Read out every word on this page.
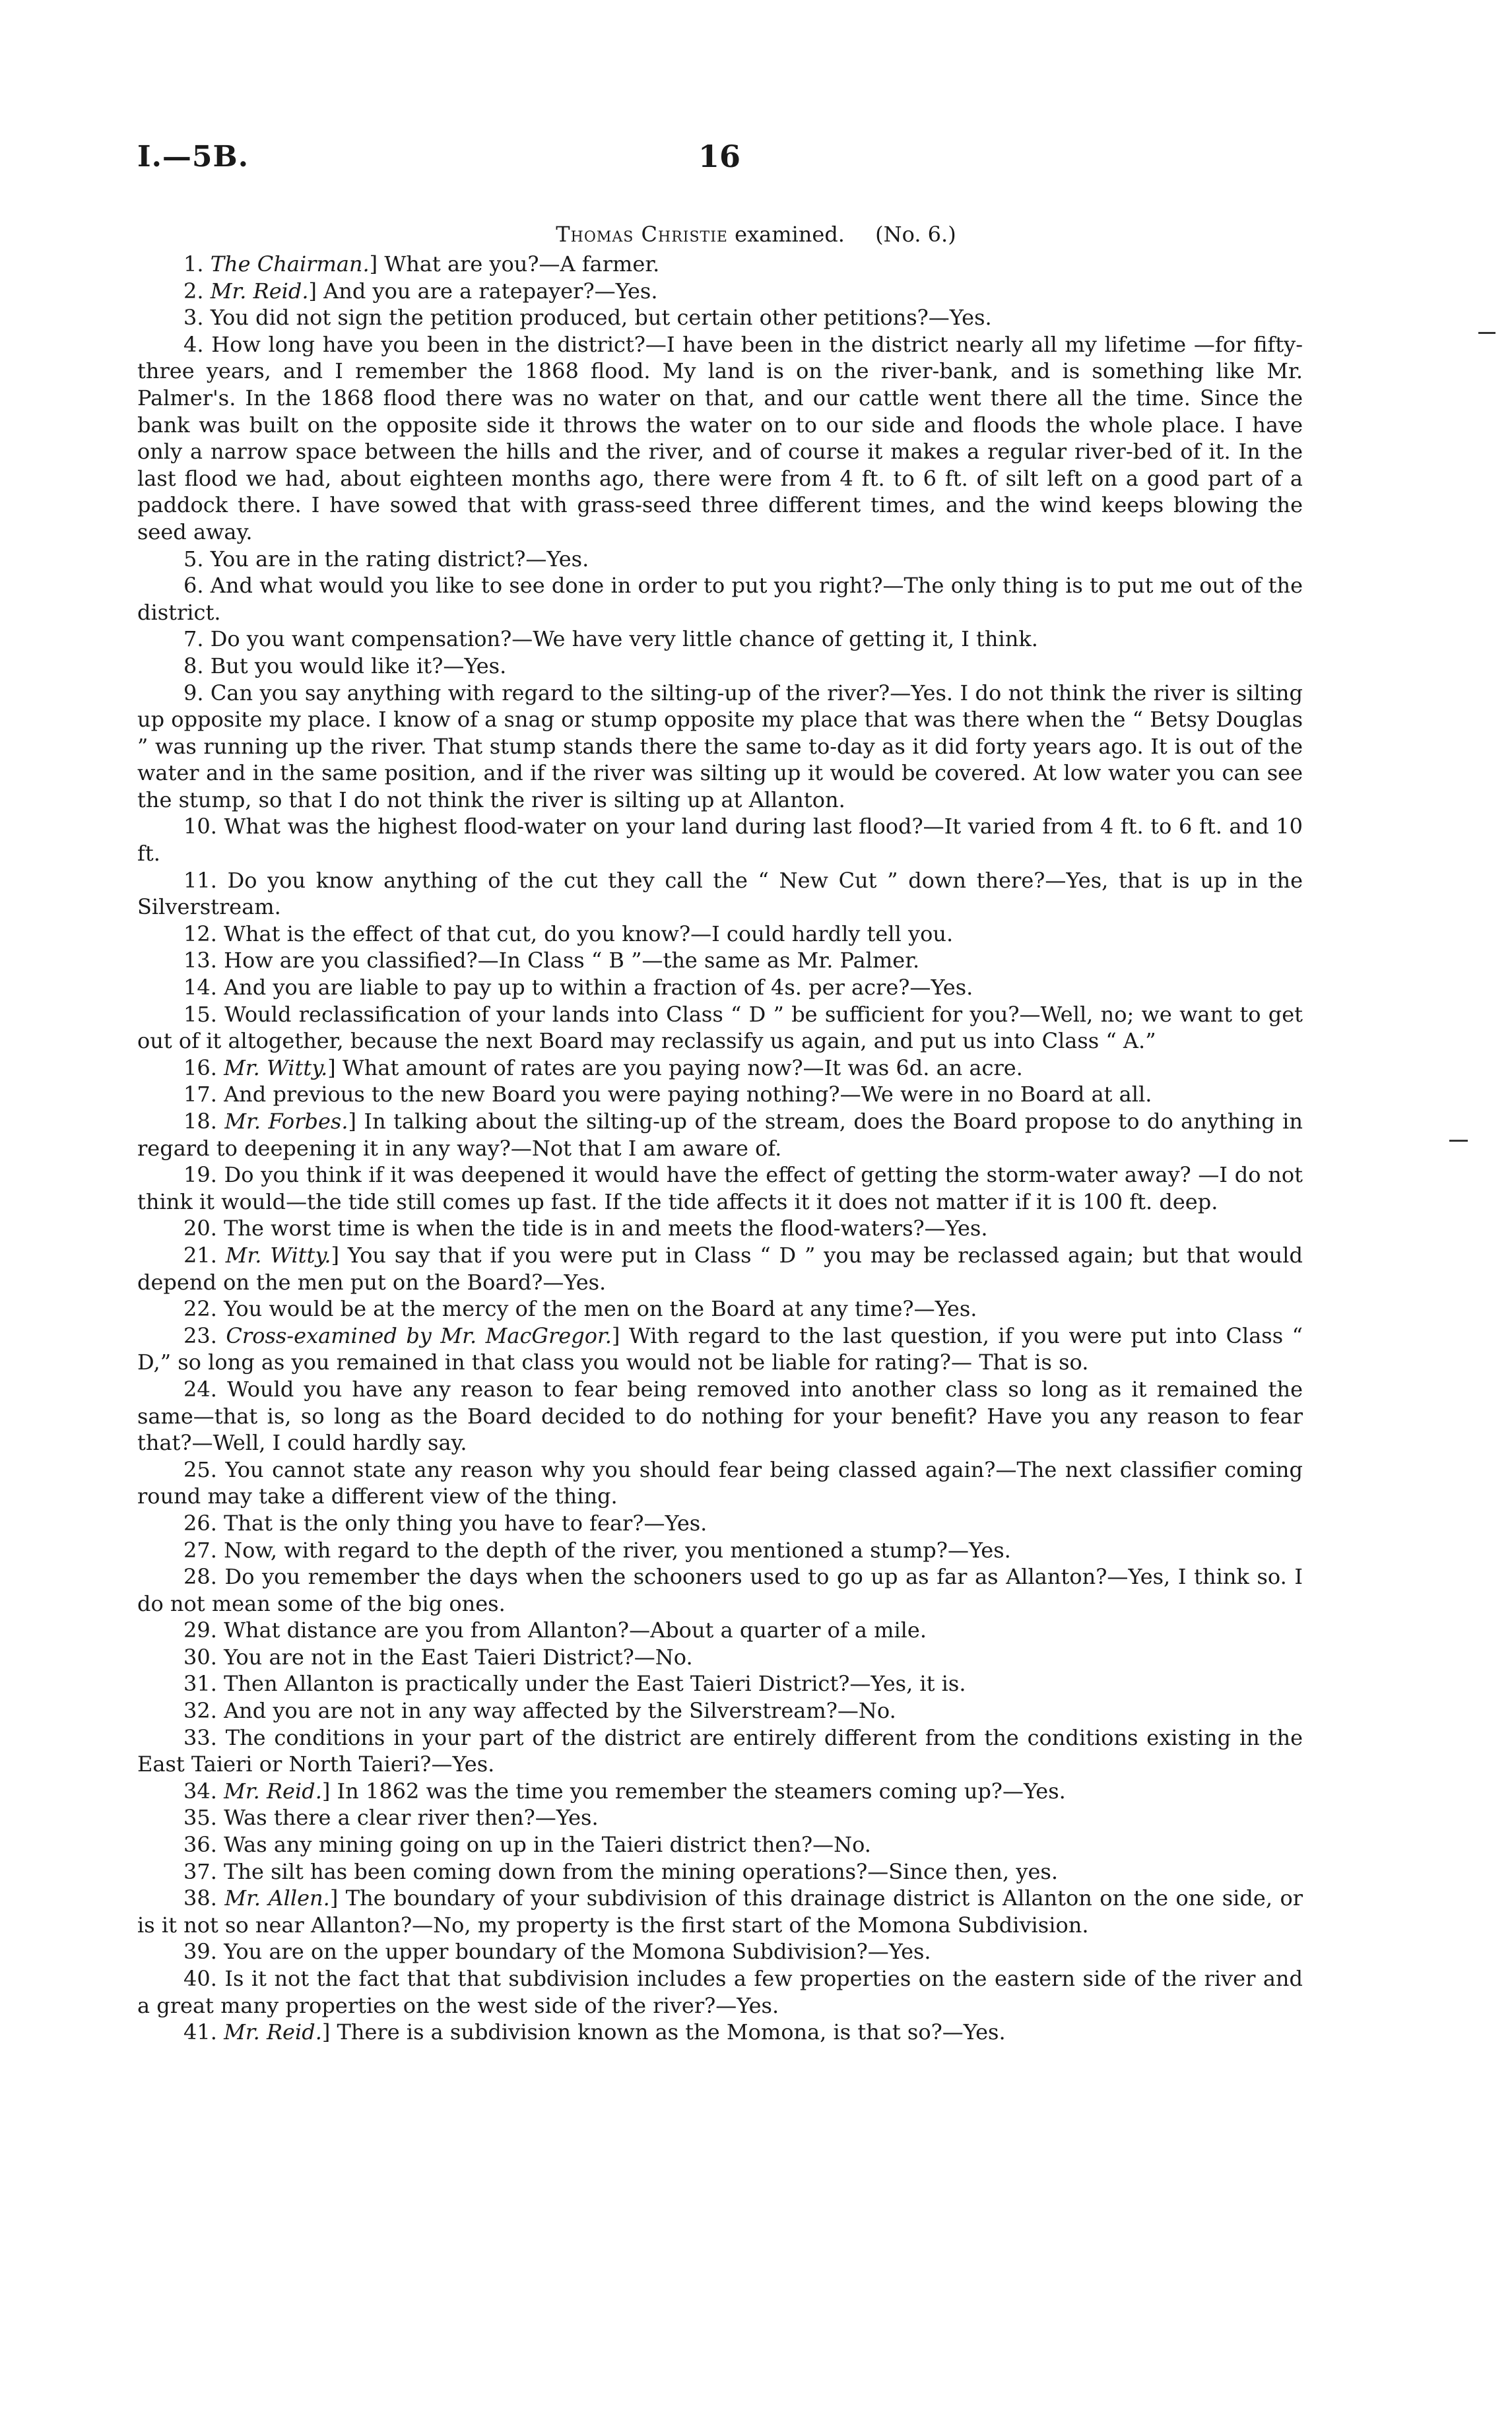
I.—5B.	16
Thomas Christie examined. (No. 6.)

1. The Chairman.] What are you?—A farmer.

2. Mr. Reid.] And you are a ratepayer?—Yes.

3. You did not sign the petition produced, but certain other petitions?—Yes.

4. How long have you been in the district?—I have been in the district nearly all my lifetime —for fifty-three years, and I remember the 1868 flood. My land is on the river-bank, and is something like Mr. Palmer's. In the 1868 flood there was no water on that, and our cattle went there all the time. Since the bank was built on the opposite side it throws the water on to our side and floods the whole place. I have only a narrow space between the hills and the river, and of course it makes a regular river-bed of it. In the last flood we had, about eighteen months ago, there were from 4 ft. to 6 ft. of silt left on a good part of a paddock there. I have sowed that with grass-seed three different times, and the wind keeps blowing the seed away.

5. You are in the rating district?—Yes.

6. And what would you like to see done in order to put you right?—The only thing is to put me out of the district.

7. Do you want compensation?—We have very little chance of getting it, I think.

8. But you would like it?—Yes.

9. Can you say anything with regard to the silting-up of the river?—Yes. I do not think the river is silting up opposite my place. I know of a snag or stump opposite my place that was there when the “ Betsy Douglas ” was running up the river. That stump stands there the same to-day as it did forty years ago. It is out of the water and in the same position, and if the river was silting up it would be covered. At low water you can see the stump, so that I do not think the river is silting up at Allanton.

10. What was the highest flood-water on your land during last flood?—It varied from 4 ft. to 6 ft. and 10 ft.

11. Do you know anything of the cut they call the “ New Cut ” down there?—Yes, that is up in the Silverstream.

12. What is the effect of that cut, do you know?—I could hardly tell you.

13. How are you classified?—In Class “ B ”—the same as Mr. Palmer.

14. And you are liable to pay up to within a fraction of 4s. per acre?—Yes.

15. Would reclassification of your lands into Class “ D ” be sufficient for you?—Well, no; we want to get out of it altogether, because the next Board may reclassify us again, and put us into Class “ A.”

16. Mr. Witty.] What amount of rates are you paying now?—It was 6d. an acre.

17. And previous to the new Board you were paying nothing?—We were in no Board at all.

18. Mr. Forbes.] In talking about the silting-up of the stream, does the Board propose to do anything in regard to deepening it in any way?—Not that I am aware of.

19. Do you think if it was deepened it would have the effect of getting the storm-water away? —I do not think it would—the tide still comes up fast. If the tide affects it it does not matter if it is 100 ft. deep.

20. The worst time is when the tide is in and meets the flood-waters?—Yes.

21. Mr. Witty.] You say that if you were put in Class “ D ” you may be reclassed again; but that would depend on the men put on the Board?—Yes.

22. You would be at the mercy of the men on the Board at any time?—Yes.

23. Cross-examined by Mr. MacGregor.] With regard to the last question, if you were put into Class “ D,” so long as you remained in that class you would not be liable for rating?— That is so.

24. Would you have any reason to fear being removed into another class so long as it remained the same—that is, so long as the Board decided to do nothing for your benefit? Have you any reason to fear that?—Well, I could hardly say.

25. You cannot state any reason why you should fear being classed again?—The next classifier coming round may take a different view of the thing.

26. That is the only thing you have to fear?—Yes.

27. Now, with regard to the depth of the river, you mentioned a stump?—Yes.

28. Do you remember the days when the schooners used to go up as far as Allanton?—Yes, I think so. I do not mean some of the big ones.

29. What distance are you from Allanton?—About a quarter of a mile.

30. You are not in the East Taieri District?—No.

31. Then Allanton is practically under the East Taieri District?—Yes, it is.

32. And you are not in any way affected by the Silverstream?—No.

33. The conditions in your part of the district are entirely different from the conditions existing in the East Taieri or North Taieri?—Yes.

34. Mr. Reid.] In 1862 was the time you remember the steamers coming up?—Yes.

35. Was there a clear river then?—Yes.

36. Was any mining going on up in the Taieri district then?—No.

37. The silt has been coming down from the mining operations?—Since then, yes.

38. Mr. Allen.] The boundary of your subdivision of this drainage district is Allanton on the one side, or is it not so near Allanton?—No, my property is the first start of the Momona Subdivision.

39. You are on the upper boundary of the Momona Subdivision?—Yes.

40. Is it not the fact that that subdivision includes a few properties on the eastern side of the river and a great many properties on the west side of the river?—Yes.

41. Mr. Reid.] There is a subdivision known as the Momona, is that so?—Yes.
